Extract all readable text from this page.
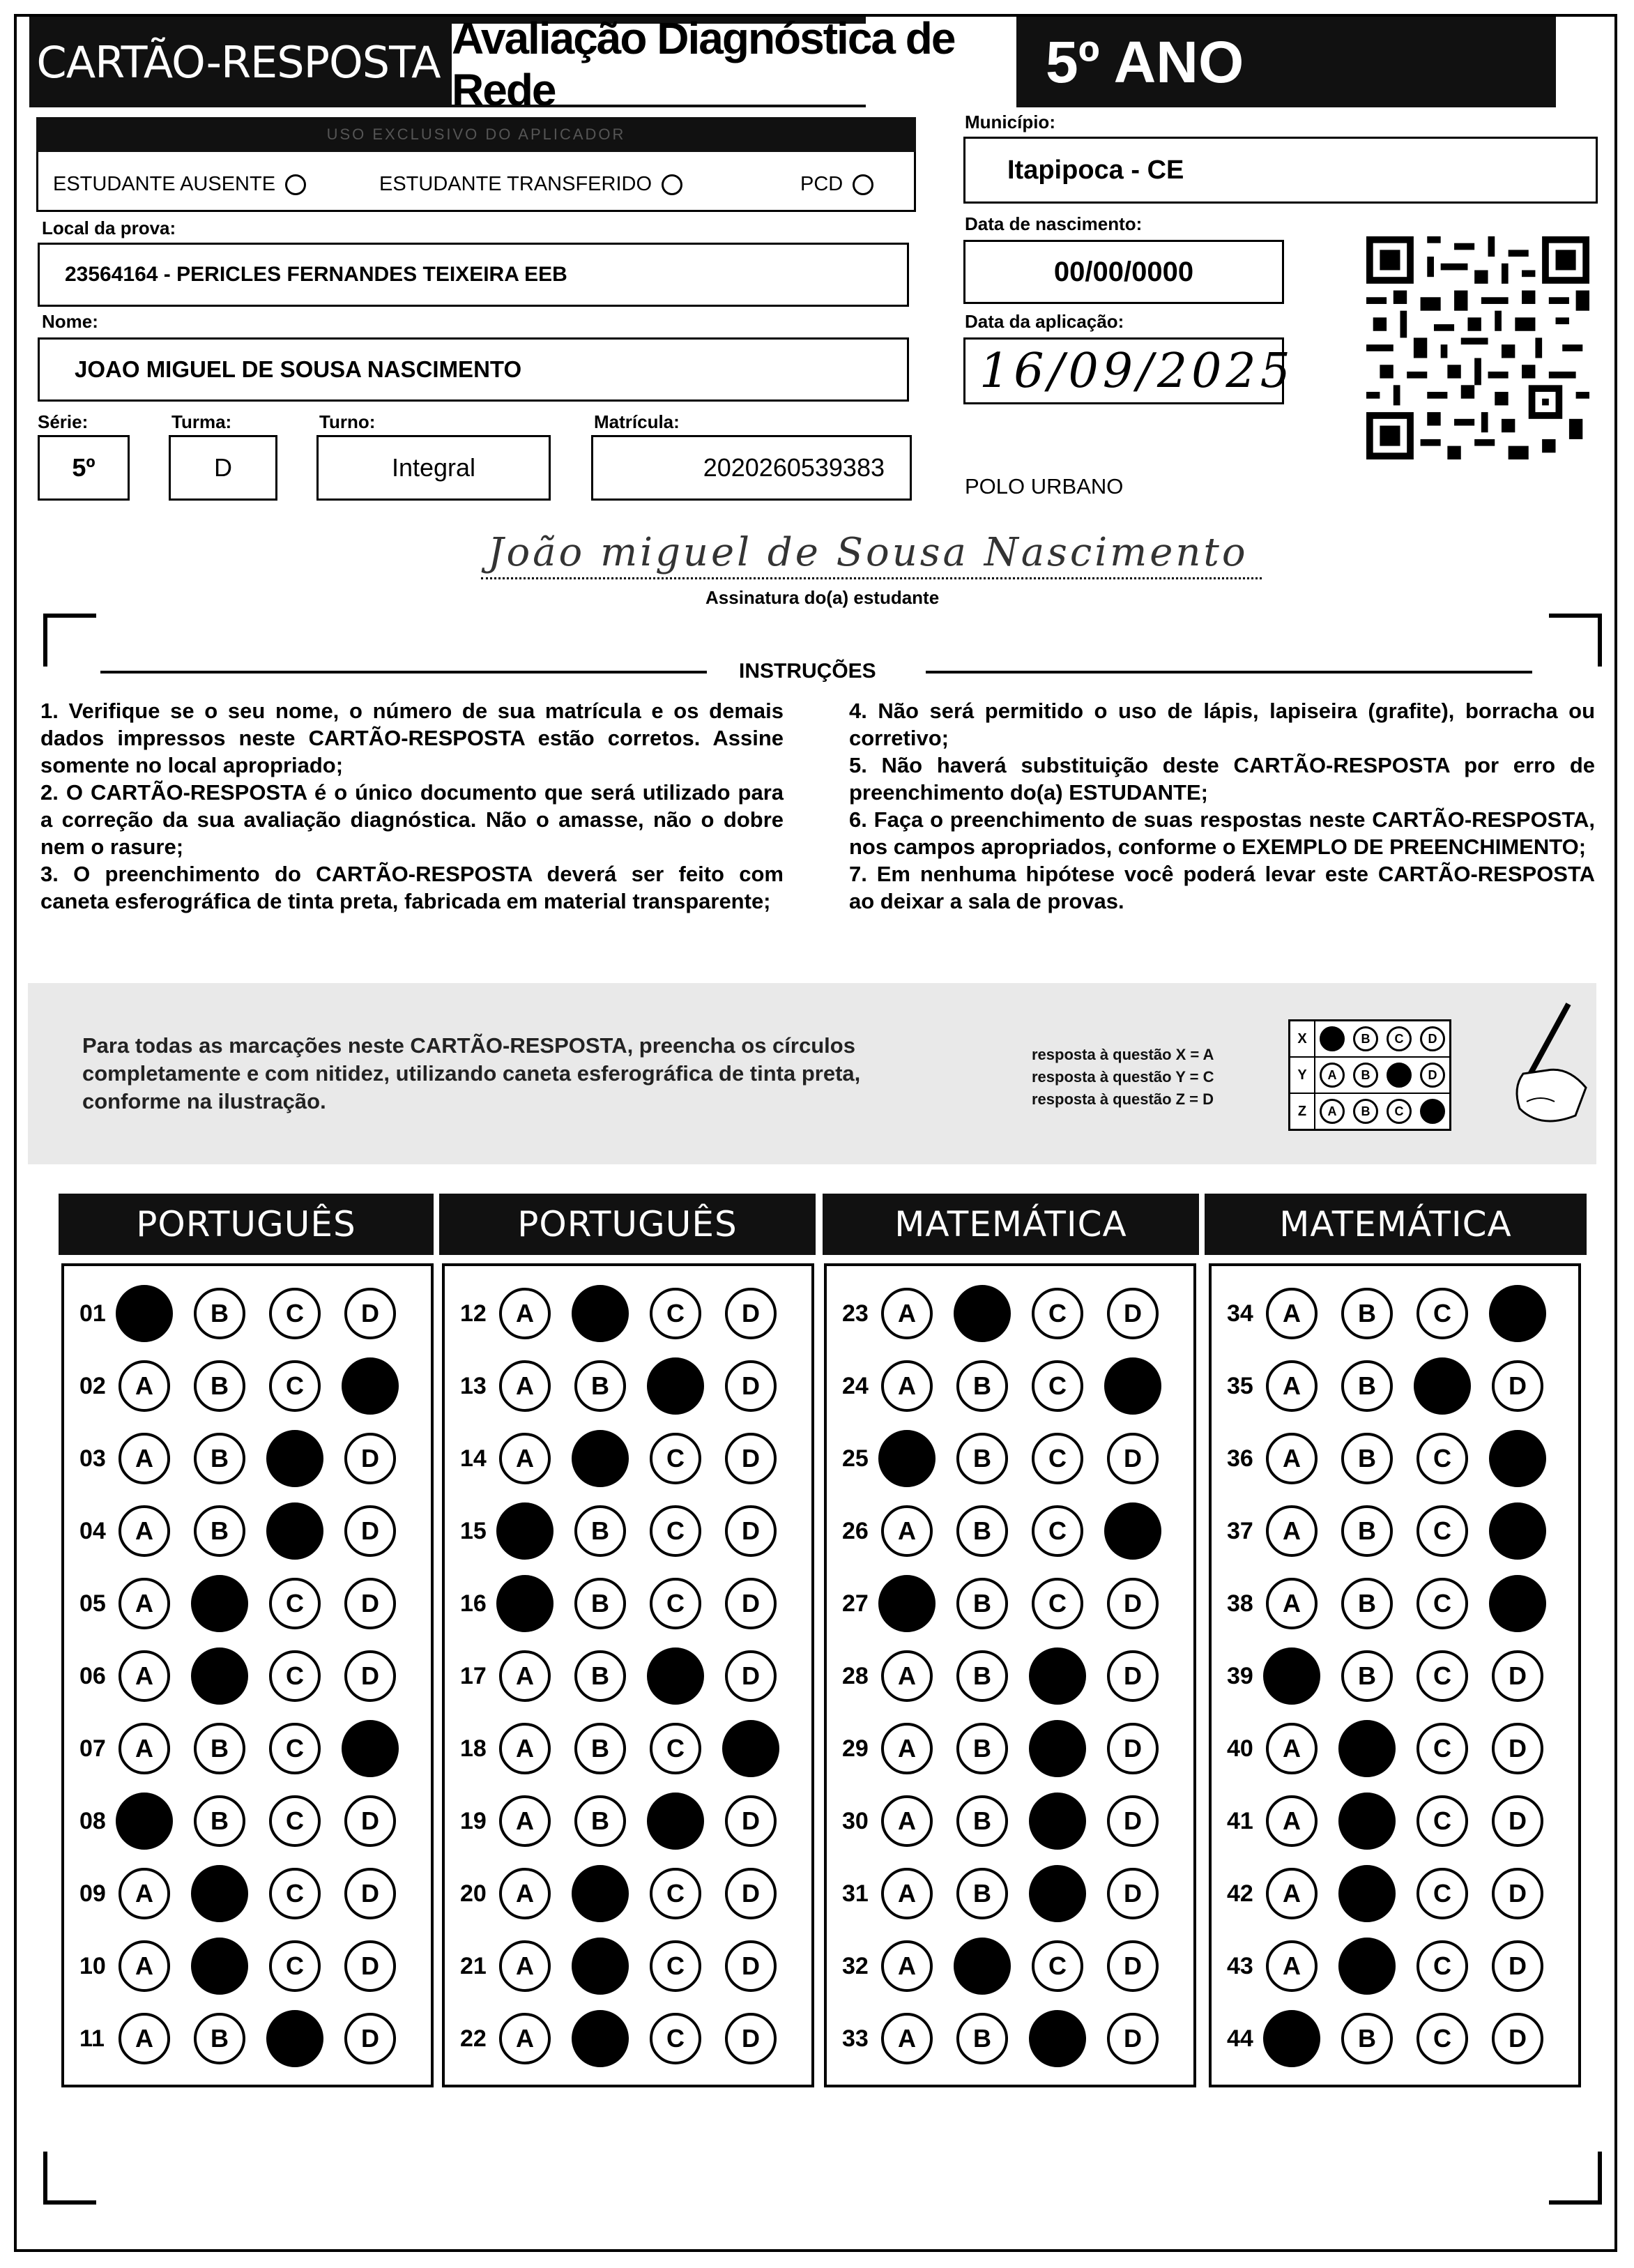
CARTÃO-RESPOSTA Avaliação Diagnóstica de Rede	5º ANO
USO EXCLUSIVO DO APLICADOR
ESTUDANTE AUSENTE	ESTUDANTE TRANSFERIDO	PCD
Local da prova:
23564164 - PERICLES FERNANDES TEIXEIRA EEB
Nome:
JOAO MIGUEL DE SOUSA NASCIMENTO
Série:
5º
Turma:
D
Turno:
Integral
Matrícula:
2020260539383
Município:
Itapipoca - CE
Data de nascimento:
00/00/0000
Data da aplicação:
16/09/2025
POLO URBANO
João miguel de Sousa Nascimento
Assinatura do(a) estudante
INSTRUÇÕES

1. Verifique se o seu nome, o número de sua matrícula e os demais dados impressos neste CARTÃO-RESPOSTA estão corretos. Assine somente no local apropriado;

2. O CARTÃO-RESPOSTA é o único documento que será utilizado para a correção da sua avaliação diagnóstica. Não o amasse, não o dobre nem o rasure;

3. O preenchimento do CARTÃO-RESPOSTA deverá ser feito com caneta esferográfica de tinta preta, fabricada em material transparente;

4. Não será permitido o uso de lápis, lapiseira (grafite), borracha ou corretivo;

5. Não haverá substituição deste CARTÃO-RESPOSTA por erro de preenchimento do(a) ESTUDANTE;

6. Faça o preenchimento de suas respostas neste CARTÃO-RESPOSTA, nos campos apropriados, conforme o EXEMPLO DE PREENCHIMENTO;

7. Em nenhuma hipótese você poderá levar este CARTÃO-RESPOSTA ao deixar a sala de provas.

Para todas as marcações neste CARTÃO-RESPOSTA, preencha os círculos completamente e com nitidez, utilizando caneta esferográfica de tinta preta, conforme na ilustração.
resposta à questão X = A
resposta à questão Y = C
resposta à questão Z = D
X	B	C	D
Y	A	B	D
Z	A	B	C
PORTUGUÊS
01	B C D
02	A B C
03	A B	D
04	A B	D
05	A	C D
06	A	C D
07	A B C
08	B C D
09	A	C D
10	A	C D
11	A B	D
PORTUGUÊS
12	A	C D
13	A B	D
14	A	C D
15	B C D
16	B C D
17	A B	D
18	A B C
19	A B	D
20	A	C D
21	A	C D
22	A	C D
MATEMÁTICA
23	A	C D
24	A B C
25	B C D
26	A B C
27	B C D
28	A B	D
29	A B	D
30	A B	D
31	A B	D
32	A	C D
33	A B	D
MATEMÁTICA
34	A B C
35	A B	D
36	A B C
37	A B C
38	A B C
39	B C D
40	A	C D
41	A	C D
42	A	C D
43	A	C D
44	B C D
